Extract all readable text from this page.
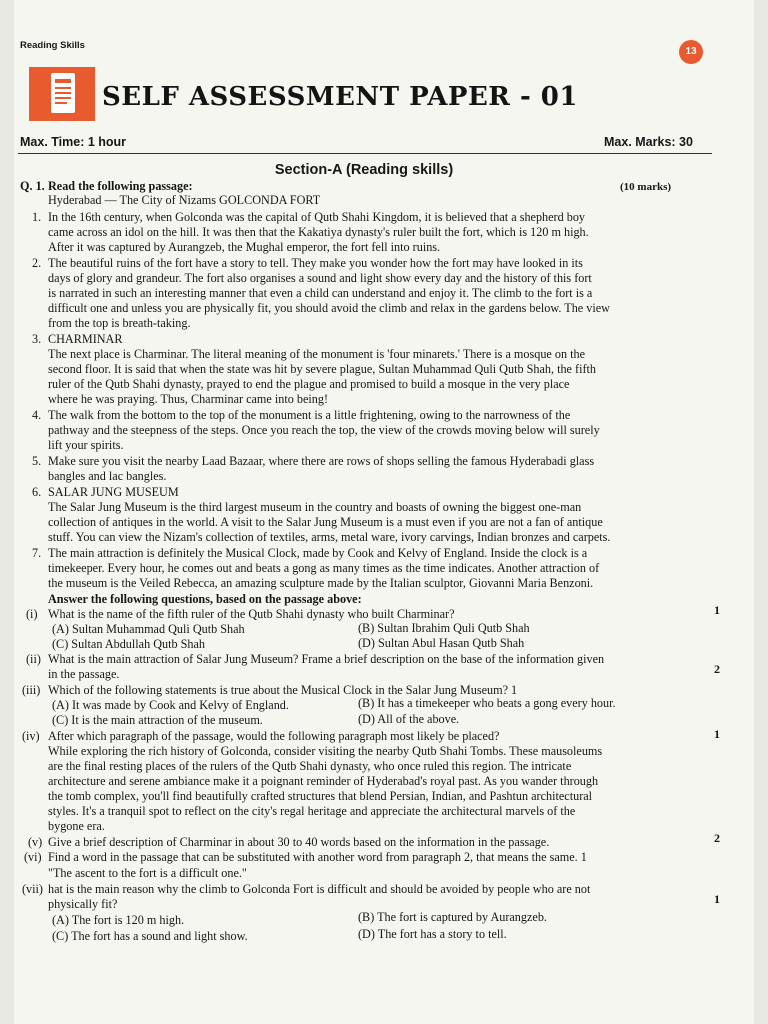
Reading Skills
13
SELF ASSESSMENT PAPER - 01
Max. Time: 1 hour	Max. Marks: 30
Section-A (Reading skills)
Q. 1. Read the following passage:	(10 marks)
Hyderabad — The City of Nizams GOLCONDA FORT
1. In the 16th century, when Golconda was the capital of Qutb Shahi Kingdom, it is believed that a shepherd boy
came across an idol on the hill. It was then that the Kakatiya dynasty's ruler built the fort, which is 120 m high.
After it was captured by Aurangzeb, the Mughal emperor, the fort fell into ruins.
2. The beautiful ruins of the fort have a story to tell. They make you wonder how the fort may have looked in its
days of glory and grandeur. The fort also organises a sound and light show every day and the history of this fort
is narrated in such an interesting manner that even a child can understand and enjoy it. The climb to the fort is a
difficult one and unless you are physically fit, you should avoid the climb and relax in the gardens below. The view
from the top is breath-taking.
3. CHARMINAR
The next place is Charminar. The literal meaning of the monument is 'four minarets.' There is a mosque on the
second floor. It is said that when the state was hit by severe plague, Sultan Muhammad Quli Qutb Shah, the fifth
ruler of the Qutb Shahi dynasty, prayed to end the plague and promised to build a mosque in the very place
where he was praying. Thus, Charminar came into being!
4. The walk from the bottom to the top of the monument is a little frightening, owing to the narrowness of the
pathway and the steepness of the steps. Once you reach the top, the view of the crowds moving below will surely
lift your spirits.
5. Make sure you visit the nearby Laad Bazaar, where there are rows of shops selling the famous Hyderabadi glass
bangles and lac bangles.
6. SALAR JUNG MUSEUM
The Salar Jung Museum is the third largest museum in the country and boasts of owning the biggest one-man
collection of antiques in the world. A visit to the Salar Jung Museum is a must even if you are not a fan of antique
stuff. You can view the Nizam's collection of textiles, arms, metal ware, ivory carvings, Indian bronzes and carpets.
7. The main attraction is definitely the Musical Clock, made by Cook and Kelvy of England. Inside the clock is a
timekeeper. Every hour, he comes out and beats a gong as many times as the time indicates. Another attraction of
the museum is the Veiled Rebecca, an amazing sculpture made by the Italian sculptor, Giovanni Maria Benzoni.
Answer the following questions, based on the passage above:
(i) What is the name of the fifth ruler of the Qutb Shahi dynasty who built Charminar?	1
(A) Sultan Muhammad Quli Qutb Shah	(B) Sultan Ibrahim Quli Qutb Shah
(C) Sultan Abdullah Qutb Shah	(D) Sultan Abul Hasan Qutb Shah
(ii) What is the main attraction of Salar Jung Museum? Frame a brief description on the base of the information given
in the passage.	2
(iii) Which of the following statements is true about the Musical Clock in the Salar Jung Museum? 1
(A) It was made by Cook and Kelvy of England.	(B) It has a timekeeper who beats a gong every hour.
(C) It is the main attraction of the museum.	(D) All of the above.
(iv) After which paragraph of the passage, would the following paragraph most likely be placed?	1
While exploring the rich history of Golconda, consider visiting the nearby Qutb Shahi Tombs. These mausoleums
are the final resting places of the rulers of the Qutb Shahi dynasty, who once ruled this region. The intricate
architecture and serene ambiance make it a poignant reminder of Hyderabad's royal past. As you wander through
the tomb complex, you'll find beautifully crafted structures that blend Persian, Indian, and Pashtun architectural
styles. It's a tranquil spot to reflect on the city's regal heritage and appreciate the architectural marvels of the
bygone era.
(v) Give a brief description of Charminar in about 30 to 40 words based on the information in the passage.	2
(vi) Find a word in the passage that can be substituted with another word from paragraph 2, that means the same. 1
"The ascent to the fort is a difficult one."
(vii) hat is the main reason why the climb to Golconda Fort is difficult and should be avoided by people who are not
physically fit?	1
(A) The fort is 120 m high.	(B) The fort is captured by Aurangzeb.
(C) The fort has a sound and light show.	(D) The fort has a story to tell.
